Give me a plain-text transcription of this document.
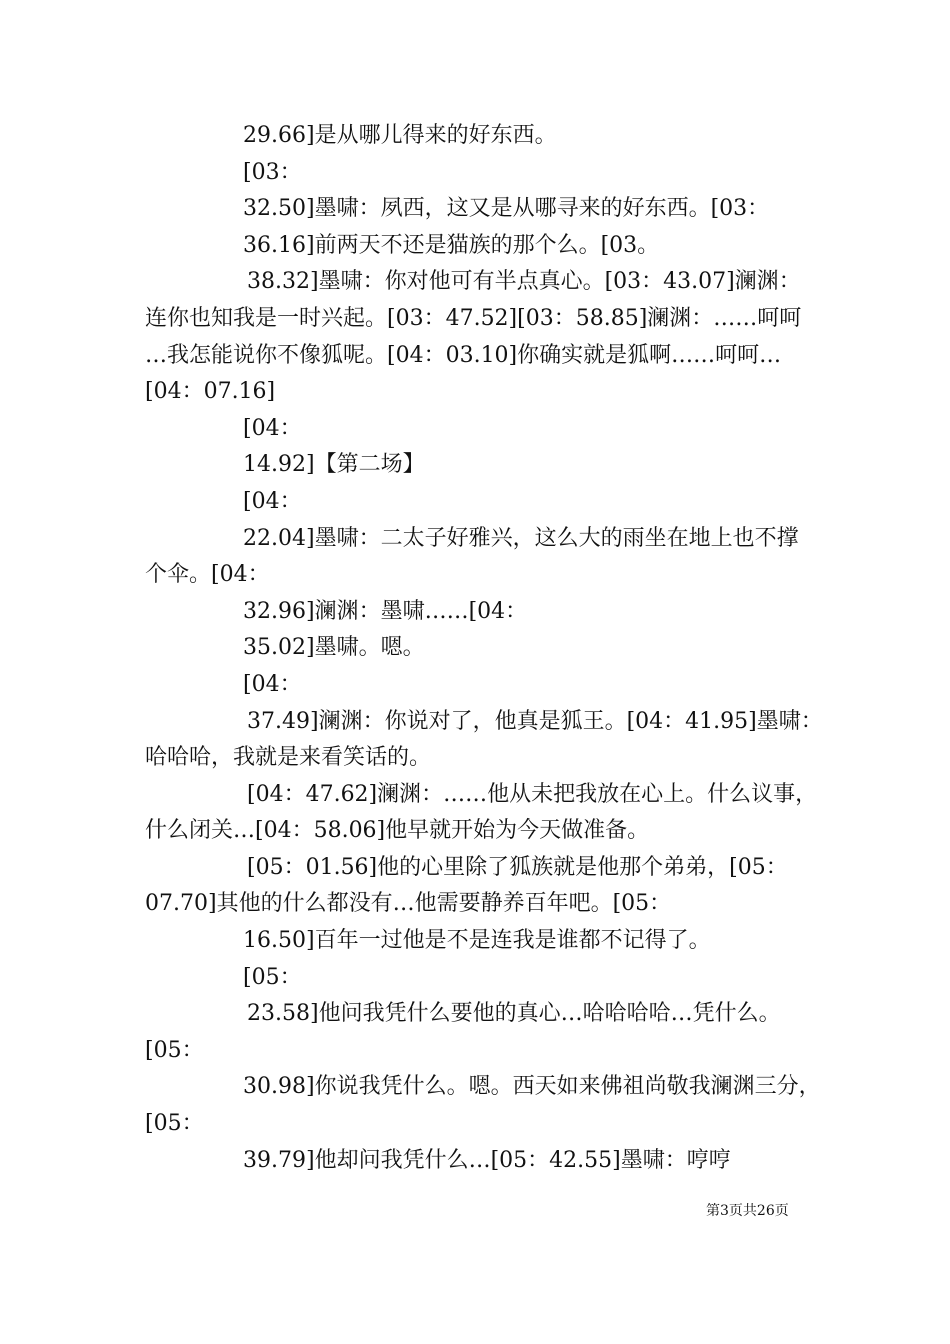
29.66]是从哪儿得来的好东西。
[03：
32.50]墨啸：夙西，这又是从哪寻来的好东西。[03：
36.16]前两天不还是猫族的那个么。[03。
38.32]墨啸：你对他可有半点真心。[03：43.07]澜渊：
连你也知我是一时兴起。[03：47.52][03：58.85]澜渊：……呵呵
…我怎能说你不像狐呢。[04：03.10]你确实就是狐啊……呵呵…
[04：07.16]
[04：
14.92]【第二场】
[04：
22.04]墨啸：二太子好雅兴，这么大的雨坐在地上也不撑
个伞。[04：
32.96]澜渊：墨啸……[04：
35.02]墨啸。嗯。
[04：
37.49]澜渊：你说对了，他真是狐王。[04：41.95]墨啸：
哈哈哈，我就是来看笑话的。
[04：47.62]澜渊：……他从未把我放在心上。什么议事，
什么闭关…[04：58.06]他早就开始为今天做准备。
[05：01.56]他的心里除了狐族就是他那个弟弟，[05：
07.70]其他的什么都没有…他需要静养百年吧。[05：
16.50]百年一过他是不是连我是谁都不记得了。
[05：
23.58]他问我凭什么要他的真心…哈哈哈哈…凭什么。
[05：
30.98]你说我凭什么。嗯。西天如来佛祖尚敬我澜渊三分，
[05：
39.79]他却问我凭什么…[05：42.55]墨啸：哼哼
第3页共26页
